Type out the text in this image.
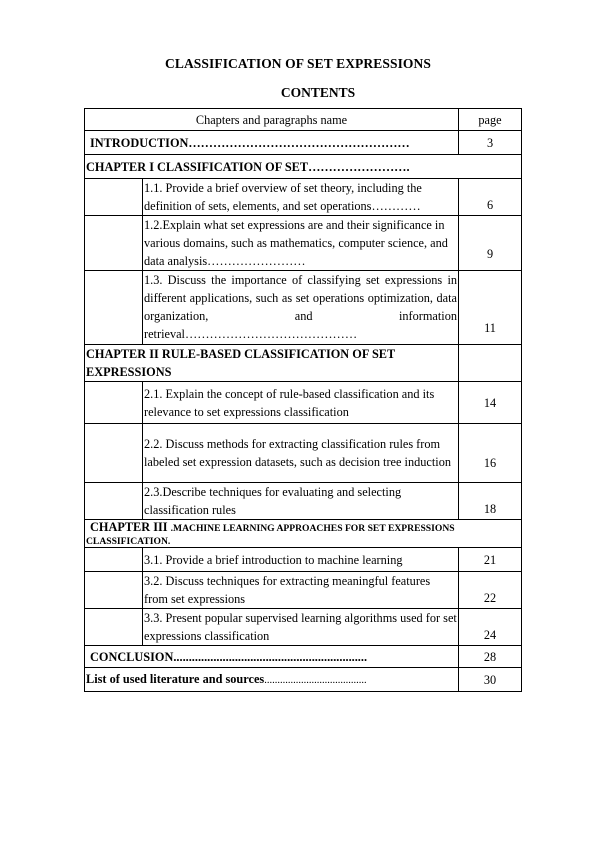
CLASSIFICATION OF SET EXPRESSIONS
CONTENTS
Chapters and paragraphs name		page
INTRODUCTION………………………………………………		3
CHAPTER I CLASSIFICATION OF SET…………………….		
	1.1. Provide a brief overview of set theory, including the definition of sets, elements, and set operations…………	6
	1.2.Explain what set expressions are and their significance in various domains, such as mathematics, computer science, and data analysis……………………	9
	1.3. Discuss the importance of classifying set expressions in different applications, such as set operations optimization, data organization, and information retrieval……………………………………	11
CHAPTER II RULE-BASED CLASSIFICATION OF SET EXPRESSIONS		
	2.1. Explain the concept of rule-based classification and its relevance to set expressions classification	14
	2.2. Discuss methods for extracting classification rules from labeled set expression datasets, such as decision tree induction	16
	2.3.Describe techniques for evaluating and selecting classification rules	18
CHAPTER III .MACHINE LEARNING APPROACHES FOR SET EXPRESSIONS CLASSIFICATION.		
	3.1. Provide a brief introduction to machine learning	21
	3.2. Discuss techniques for extracting meaningful features from set expressions	22
	3.3. Present popular supervised learning algorithms used for set expressions classification	24
CONCLUSION...............................................................		28
List of used literature and sources.......................................		30
